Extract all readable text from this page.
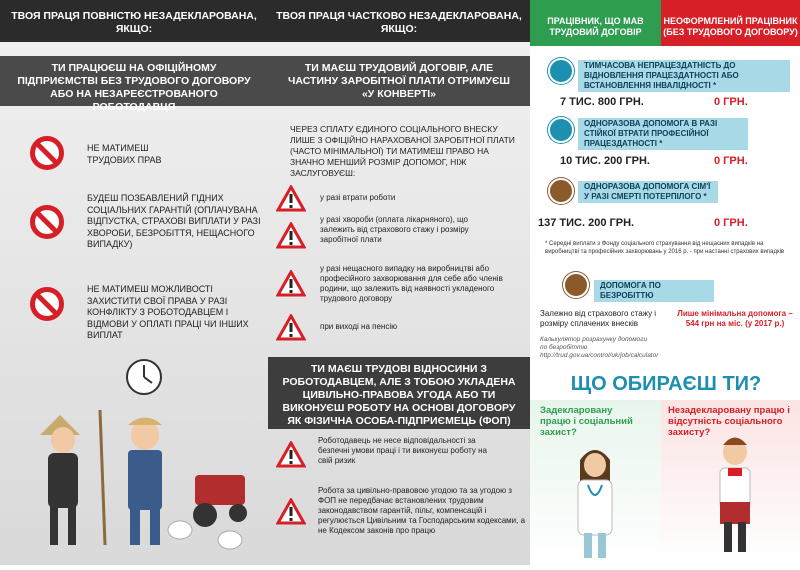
ТВОЯ ПРАЦЯ ПОВНІСТЮ НЕЗАДЕКЛАРОВАНА, ЯКЩО:
ТИ ПРАЦЮЄШ НА ОФІЦІЙНОМУ ПІДПРИЄМСТВІ БЕЗ ТРУДОВОГО ДОГОВОРУ АБО НА НЕЗАРЕЄСТРОВАНОГО РОБОТОДАВЦЯ
НЕ МАТИМЕШ ТРУДОВИХ ПРАВ
БУДЕШ ПОЗБАВЛЕНИЙ ГІДНИХ СОЦІАЛЬНИХ ГАРАНТІЙ (ОПЛАЧУВАНА ВІДПУСТКА, СТРАХОВІ ВИПЛАТИ У РАЗІ ХВОРОБИ, БЕЗРОБІТТЯ, НЕЩАСНОГО ВИПАДКУ)
НЕ МАТИМЕШ МОЖЛИВОСТІ ЗАХИСТИТИ СВОЇ ПРАВА У РАЗІ КОНФЛІКТУ З РОБОТОДАВЦЕМ І ВІДМОВИ У ОПЛАТІ ПРАЦІ ЧИ ІНШИХ ВИПЛАТ
ТВОЯ ПРАЦЯ ЧАСТКОВО НЕЗАДЕКЛАРОВАНА, ЯКЩО:
ТИ МАЄШ ТРУДОВИЙ ДОГОВІР, АЛЕ ЧАСТИНУ ЗАРОБІТНОЇ ПЛАТИ ОТРИМУЄШ «У КОНВЕРТІ»
ЧЕРЕЗ СПЛАТУ ЄДИНОГО СОЦІАЛЬНОГО ВНЕСКУ ЛИШЕ З ОФІЦІЙНО НАРАХОВАНОЇ ЗАРОБІТНОЇ ПЛАТИ (ЧАСТО МІНІМАЛЬНОЇ) ТИ МАТИМЕШ ПРАВО НА ЗНАЧНО МЕНШИЙ РОЗМІР ДОПОМОГ, НІЖ ЗАСЛУГОВУЄШ:
у разі втрати роботи
у разі хвороби (оплата лікарняного), що залежить від страхового стажу і розміру заробітної плати
у разі нещасного випадку на виробництві або професійного захворювання для себе або членів родини, що залежить від наявності укладеного трудового договору
при виході на пенсію
ТИ МАЄШ ТРУДОВІ ВІДНОСИНИ З РОБОТОДАВЦЕМ, АЛЕ З ТОБОЮ УКЛАДЕНА ЦИВІЛЬНО-ПРАВОВА УГОДА АБО ТИ ВИКОНУЄШ РОБОТУ НА ОСНОВІ ДОГОВОРУ ЯК ФІЗИЧНА ОСОБА-ПІДПРИЄМЕЦЬ (ФОП)
Роботодавець не несе відповідальності за безпечні умови праці і ти виконуєш роботу на свій ризик
Робота за цивільно-правовою угодою та за угодою з ФОП не передбачає встановлених трудовим законодавством гарантій, пільг, компенсацій і регулюється Цивільним та Господарським кодексами, а не Кодексом законів про працю
ПРАЦІВНИК, ЩО МАВ ТРУДОВИЙ ДОГОВІР
НЕОФОРМЛЕНИЙ ПРАЦІВНИК (БЕЗ ТРУДОВОГО ДОГОВОРУ)
ТИМЧАСОВА НЕПРАЦЕЗДАТНІСТЬ ДО ВІДНОВЛЕННЯ ПРАЦЕЗДАТНОСТІ АБО ВСТАНОВЛЕННЯ ІНВАЛІДНОСТІ *
7 ТИС. 800 ГРН.	0 ГРН.
ОДНОРАЗОВА ДОПОМОГА В РАЗІ СТІЙКОЇ ВТРАТИ ПРОФЕСІЙНОЇ ПРАЦЕЗДАТНОСТІ *
10 ТИС. 200 ГРН.	0 ГРН.
ОДНОРАЗОВА ДОПОМОГА СІМ'Ї У РАЗІ СМЕРТІ ПОТЕРПІЛОГО *
137 ТИС. 200 ГРН.	0 ГРН.
* Середні виплати з Фонду соціального страхування від нещасних випадків на виробництві та професійних захворювань у 2016 р. - при настанні страхових випадків
ДОПОМОГА ПО БЕЗРОБІТТЮ
Залежно від страхового стажу і розміру сплачених внесків
Лише мінімальна допомога – 544 грн на міс. (у 2017 р.)
Калькулятор розрахунку допомоги по безробіттю http://trud.gov.ua/control/uk/job/calculator
ЩО ОБИРАЄШ ТИ?
Задекларовану працю і соціальний захист?
Незадекларовану працю і відсутність соціального захисту?
